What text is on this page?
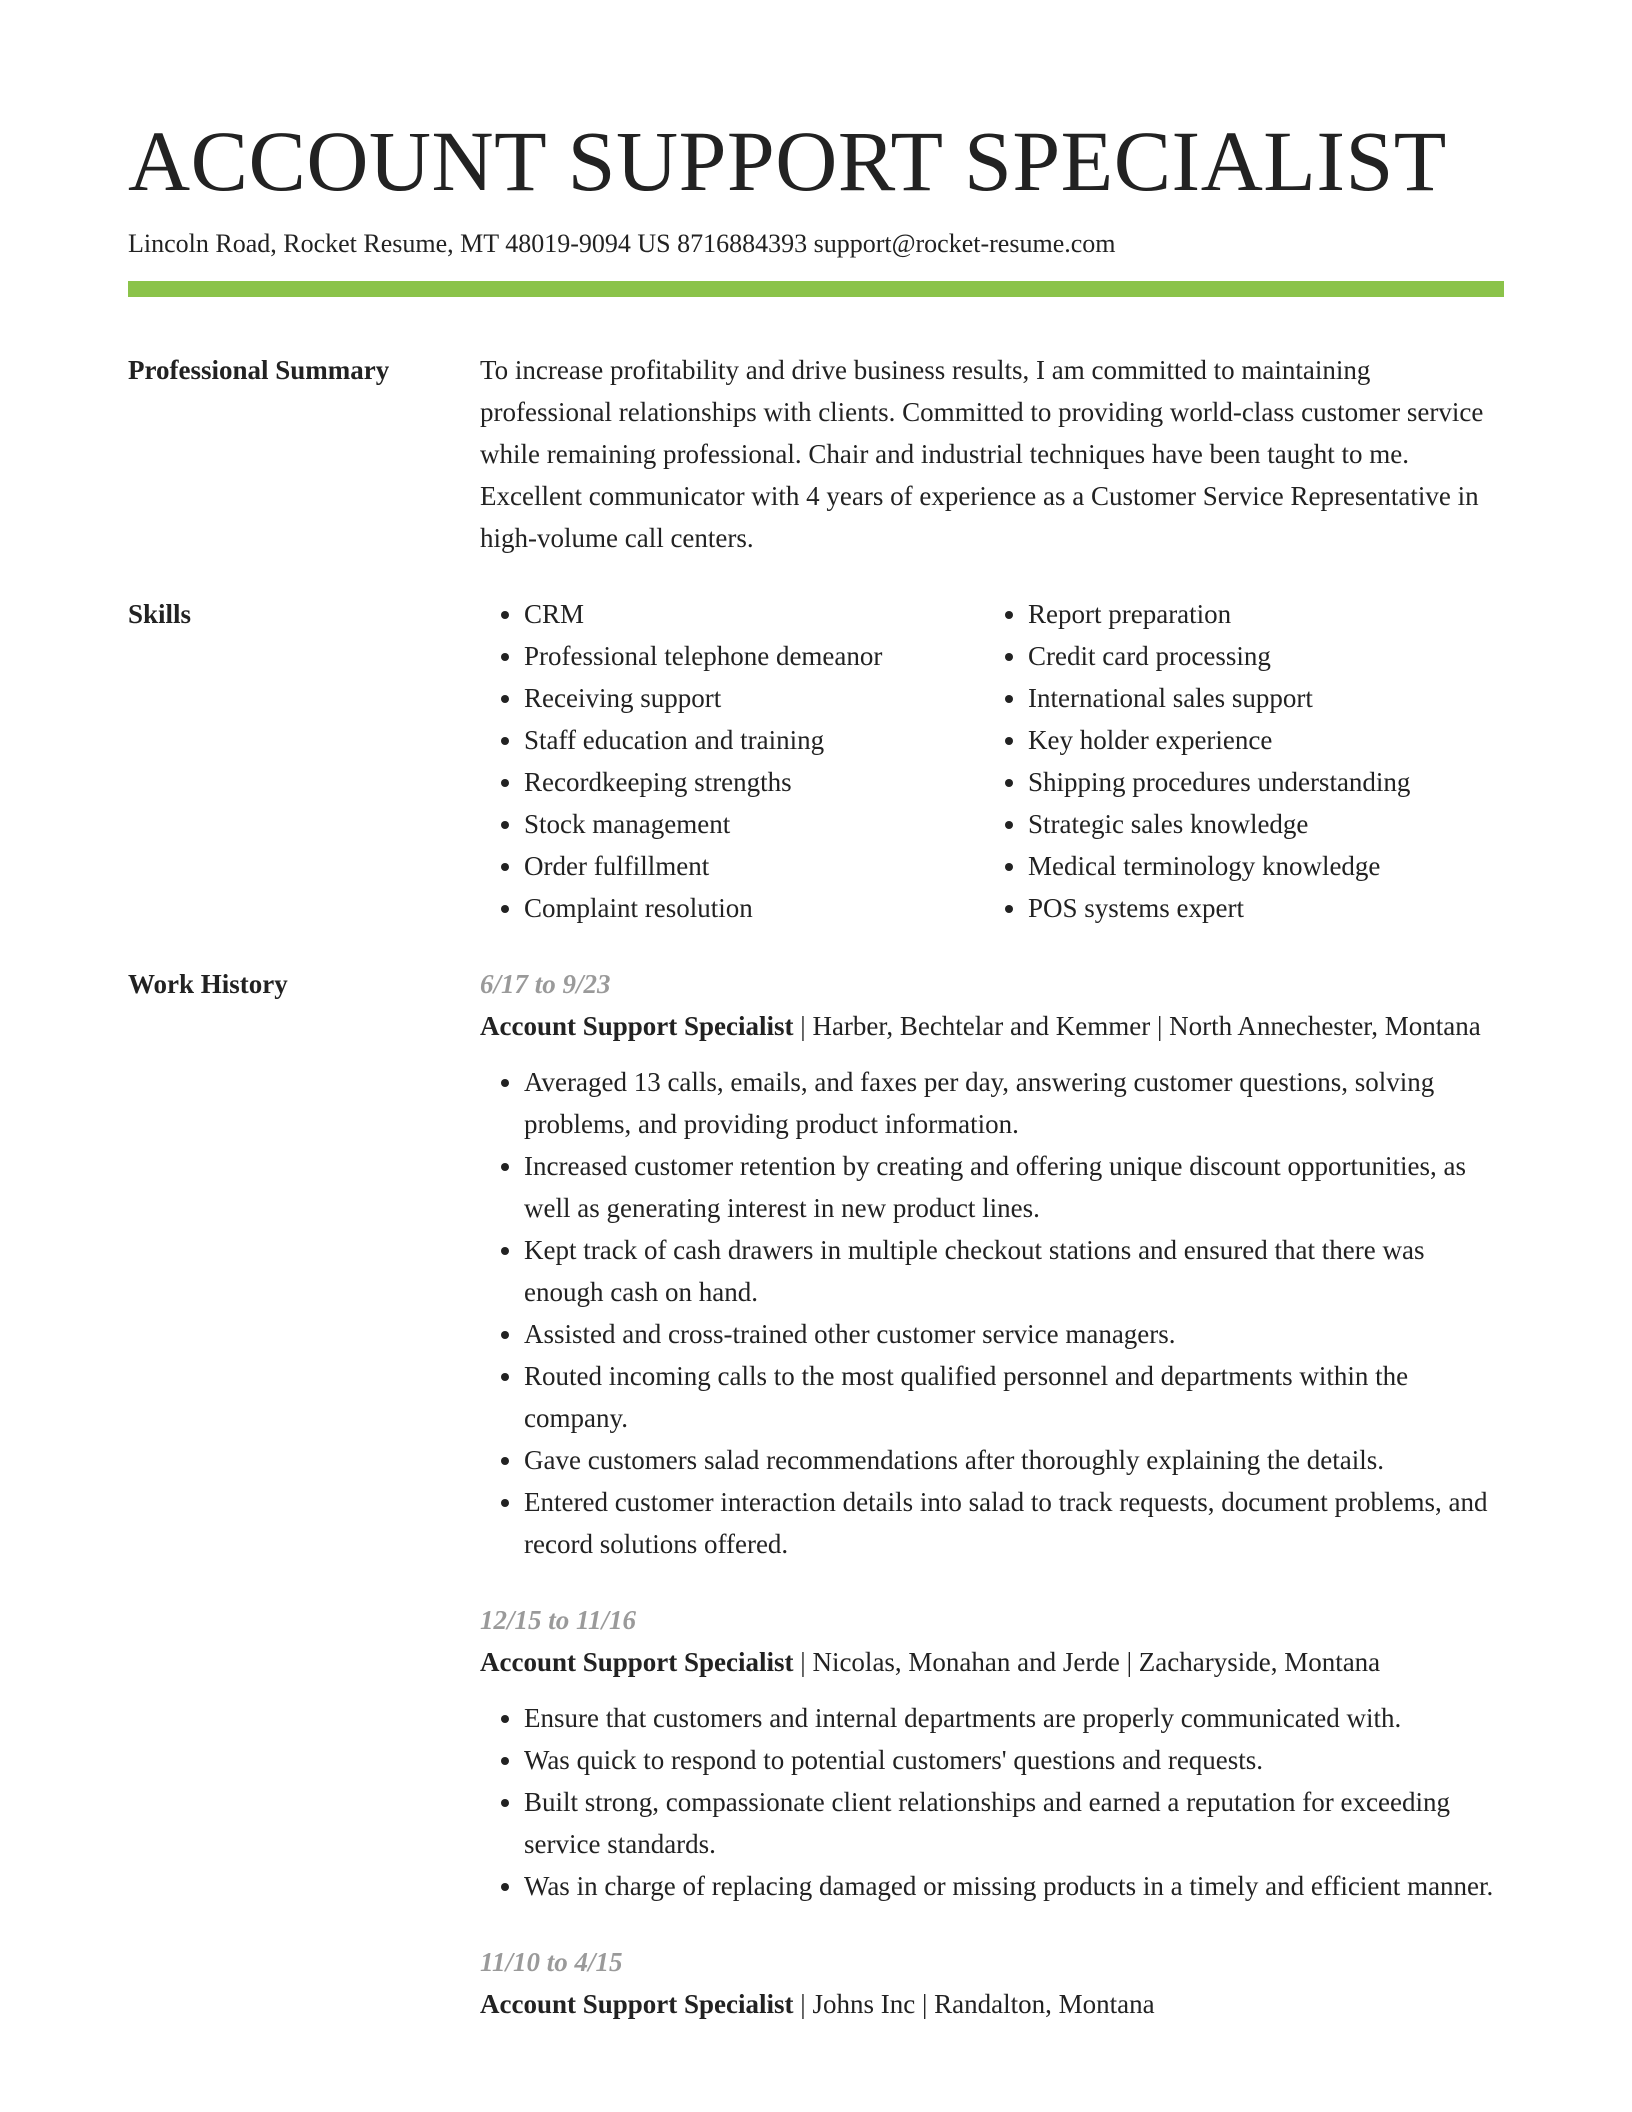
ACCOUNT SUPPORT SPECIALIST
Lincoln Road, Rocket Resume, MT 48019-9094 US 8716884393 support@rocket-resume.com
Professional Summary	To increase profitability and drive business results, I am committed to maintaining professional relationships with clients. Committed to providing world-class customer service while remaining professional. Chair and industrial techniques have been taught to me. Excellent communicator with 4 years of experience as a Customer Service Representative in high-volume call centers.

Skills
•	CRM
• Professional telephone demeanor
• Receiving support
• Staff education and training
• Recordkeeping strengths
• Stock management
• Order fulfillment
• Complaint resolution
• Report preparation
• Credit card processing
• International sales support
• Key holder experience
• Shipping procedures understanding
• Strategic sales knowledge
• Medical terminology knowledge
• POS systems expert
Work History	6/17 to 9/23
Account Support Specialist | Harber, Bechtelar and Kemmer | North Annechester, Montana
• Averaged 13 calls, emails, and faxes per day, answering customer questions, solving problems, and providing product information.
• Increased customer retention by creating and offering unique discount opportunities, as well as generating interest in new product lines.
• Kept track of cash drawers in multiple checkout stations and ensured that there was enough cash on hand.
• Assisted and cross-trained other customer service managers.
• Routed incoming calls to the most qualified personnel and departments within the company.
• Gave customers salad recommendations after thoroughly explaining the details.
• Entered customer interaction details into salad to track requests, document problems, and record solutions offered.
12/15 to 11/16
Account Support Specialist | Nicolas, Monahan and Jerde | Zacharyside, Montana
• Ensure that customers and internal departments are properly communicated with.
• Was quick to respond to potential customers' questions and requests.
• Built strong, compassionate client relationships and earned a reputation for exceeding service standards.
• Was in charge of replacing damaged or missing products in a timely and efficient manner.
11/10 to 4/15
Account Support Specialist | Johns Inc | Randalton, Montana
